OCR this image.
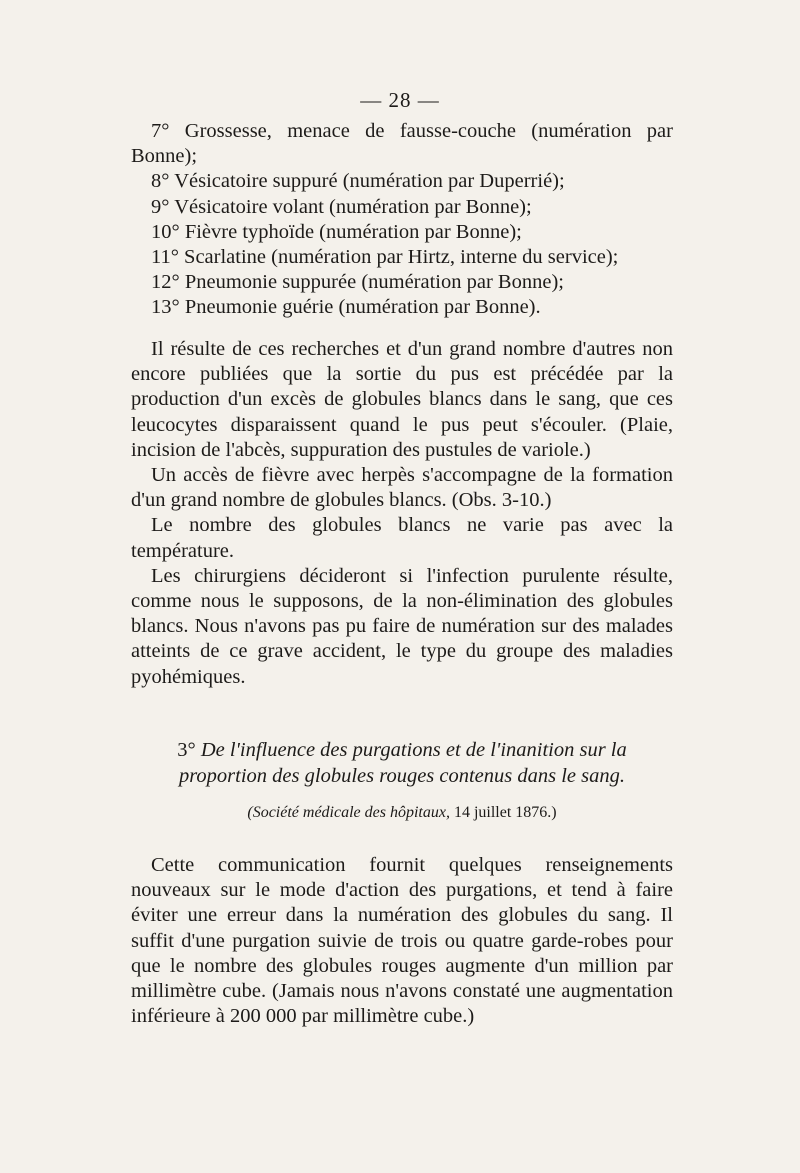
— 28 —

7° Grossesse, menace de fausse-couche (numération par Bonne);

8° Vésicatoire suppuré (numération par Duperrié);

9° Vésicatoire volant (numération par Bonne);

10° Fièvre typhoïde (numération par Bonne);

11° Scarlatine (numération par Hirtz, interne du service);

12° Pneumonie suppurée (numération par Bonne);

13° Pneumonie guérie (numération par Bonne).

Il résulte de ces recherches et d'un grand nombre d'autres non encore publiées que la sortie du pus est précédée par la production d'un excès de globules blancs dans le sang, que ces leucocytes disparaissent quand le pus peut s'écouler. (Plaie, incision de l'abcès, suppuration des pustules de variole.)

Un accès de fièvre avec herpès s'accompagne de la formation d'un grand nombre de globules blancs. (Obs. 3-10.)

Le nombre des globules blancs ne varie pas avec la température.

Les chirurgiens décideront si l'infection purulente résulte, comme nous le supposons, de la non-élimination des globules blancs. Nous n'avons pas pu faire de numération sur des malades atteints de ce grave accident, le type du groupe des maladies pyohémiques.

3° De l'influence des purgations et de l'inanition sur la proportion des globules rouges contenus dans le sang.
(Société médicale des hôpitaux, 14 juillet 1876.)

Cette communication fournit quelques renseignements nouveaux sur le mode d'action des purgations, et tend à faire éviter une erreur dans la numération des globules du sang. Il suffit d'une purgation suivie de trois ou quatre garde-robes pour que le nombre des globules rouges augmente d'un million par millimètre cube. (Jamais nous n'avons constaté une augmentation inférieure à 200 000 par millimètre cube.)
